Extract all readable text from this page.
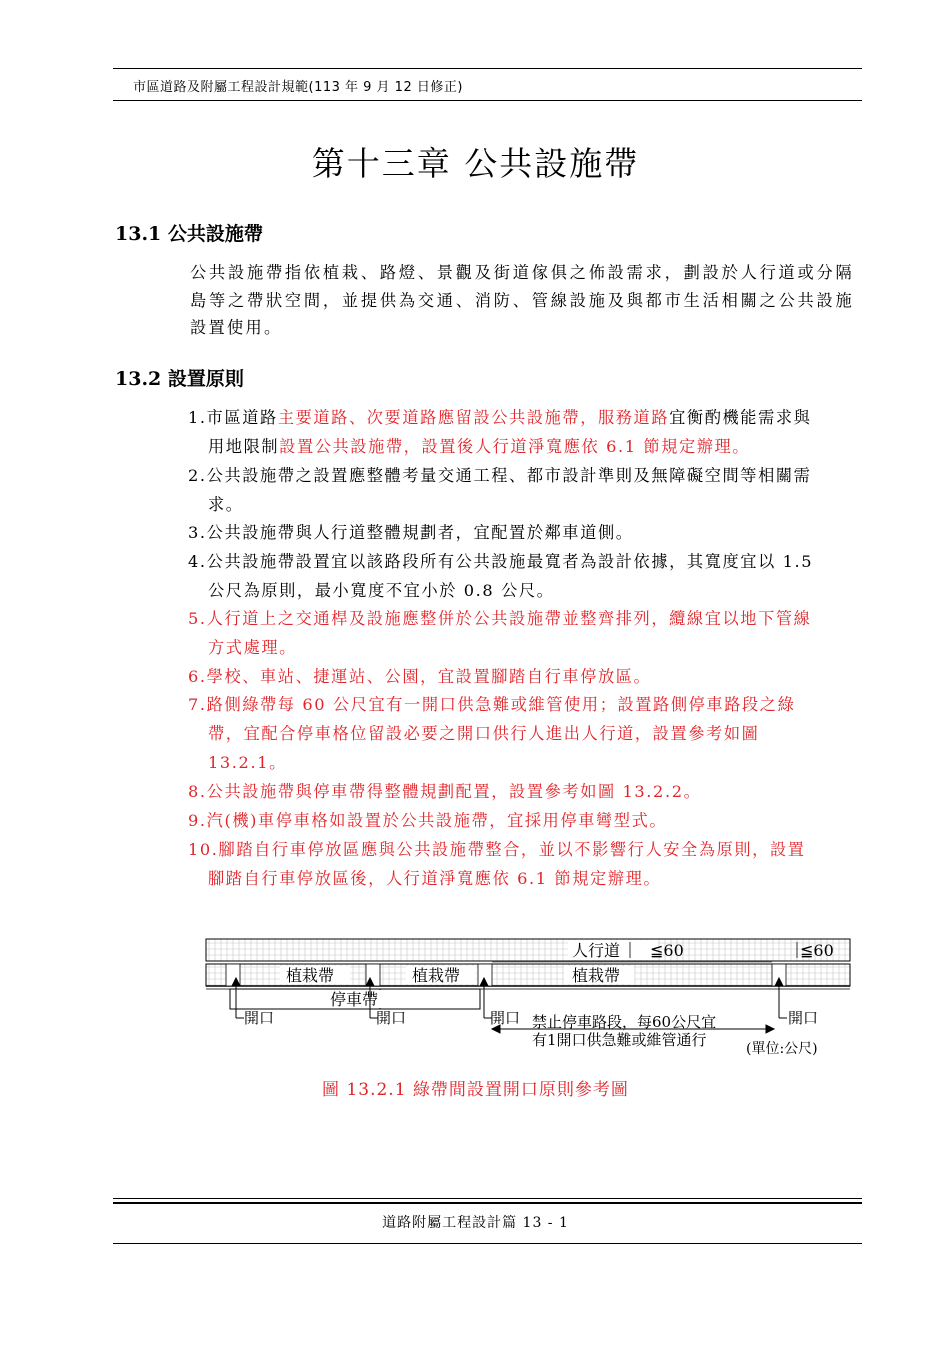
市區道路及附屬工程設計規範(113 年 9 月 12 日修正)
第十三章 公共設施帶
13.1 公共設施帶
公共設施帶指依植栽、路燈、景觀及街道傢俱之佈設需求，劃設於人行道或分隔島等之帶狀空間，並提供為交通、消防、管線設施及與都市生活相關之公共設施設置使用。
13.2 設置原則
1.市區道路主要道路、次要道路應留設公共設施帶，服務道路宜衡酌機能需求與
用地限制設置公共設施帶，設置後人行道淨寬應依 6.1 節規定辦理。
2.公共設施帶之設置應整體考量交通工程、都市設計準則及無障礙空間等相關需
求。
3.公共設施帶與人行道整體規劃者，宜配置於鄰車道側。
4.公共設施帶設置宜以該路段所有公共設施最寬者為設計依據，其寬度宜以 1.5
公尺為原則，最小寬度不宜小於 0.8 公尺。
5.人行道上之交通桿及設施應整併於公共設施帶並整齊排列，纜線宜以地下管線
方式處理。
6.學校、車站、捷運站、公園，宜設置腳踏自行車停放區。
7.路側綠帶每 60 公尺宜有一開口供急難或維管使用；設置路側停車路段之綠
帶，宜配合停車格位留設必要之開口供行人進出人行道，設置參考如圖
13.2.1。
8.公共設施帶與停車帶得整體規劃配置，設置參考如圖 13.2.2。
9.汽(機)車停車格如設置於公共設施帶，宜採用停車彎型式。
10.腳踏自行車停放區應與公共設施帶整合，並以不影響行人安全為原則，設置
腳踏自行車停放區後，人行道淨寬應依 6.1 節規定辦理。
人行道 ≦60	≦60
植栽帶	植栽帶	植栽帶
停車帶
開口	開口	開口	開口
禁止停車路段，每60公尺宜
有1開口供急難或維管通行	(單位:公尺)
圖 13.2.1 綠帶間設置開口原則參考圖
道路附屬工程設計篇 13 - 1
